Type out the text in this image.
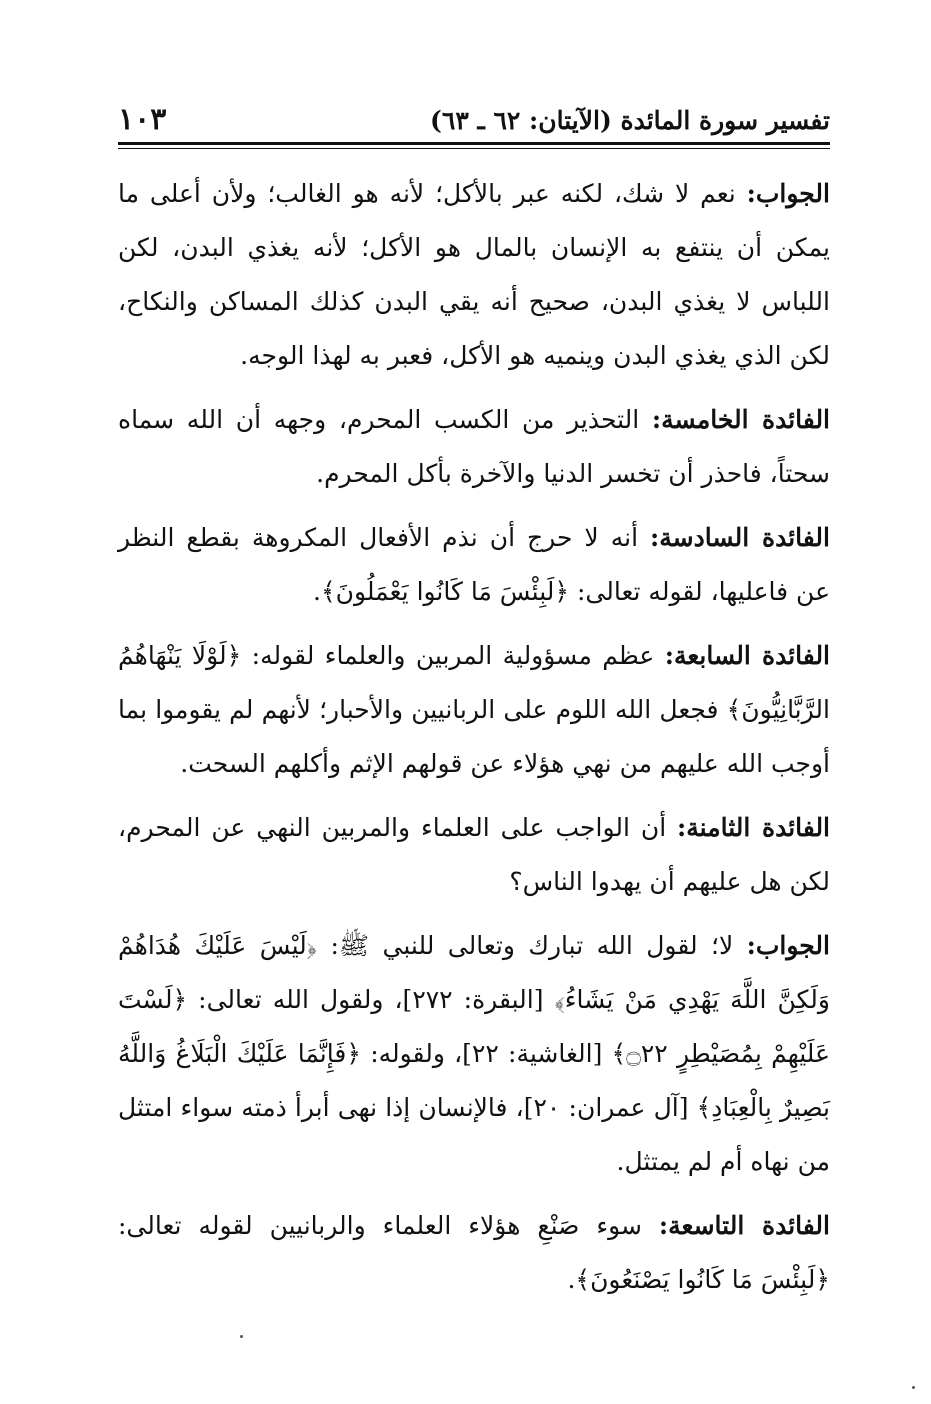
تفسير سورة المائدة (الآيتان: ٦٢ ـ ٦٣)
١٠٣

الجواب: نعم لا شك، لكنه عبر بالأكل؛ لأنه هو الغالب؛ ولأن أعلى ما يمكن أن ينتفع به الإنسان بالمال هو الأكل؛ لأنه يغذي البدن، لكن اللباس لا يغذي البدن، صحيح أنه يقي البدن كذلك المساكن والنكاح، لكن الذي يغذي البدن وينميه هو الأكل، فعبر به لهذا الوجه.

الفائدة الخامسة: التحذير من الكسب المحرم، وجهه أن الله سماه سحتاً، فاحذر أن تخسر الدنيا والآخرة بأكل المحرم.

الفائدة السادسة: أنه لا حرج أن نذم الأفعال المكروهة بقطع النظر عن فاعليها، لقوله تعالى: ﴿لَبِئْسَ مَا كَانُوا يَعْمَلُونَ﴾.

الفائدة السابعة: عظم مسؤولية المربين والعلماء لقوله: ﴿لَوْلَا يَنْهَاهُمُ الرَّبَّانِيُّونَ﴾ فجعل الله اللوم على الربانيين والأحبار؛ لأنهم لم يقوموا بما أوجب الله عليهم من نهي هؤلاء عن قولهم الإثم وأكلهم السحت.

الفائدة الثامنة: أن الواجب على العلماء والمربين النهي عن المحرم، لكن هل عليهم أن يهدوا الناس؟

الجواب: لا؛ لقول الله تبارك وتعالى للنبي ﷺ: ﴿لَيْسَ عَلَيْكَ هُدَاهُمْ وَلَكِنَّ اللَّهَ يَهْدِي مَنْ يَشَاءُ﴾ [البقرة: ٢٧٢]، ولقول الله تعالى: ﴿لَسْتَ عَلَيْهِمْ بِمُصَيْطِرٍ ۝٢٢﴾ [الغاشية: ٢٢]، ولقوله: ﴿فَإِنَّمَا عَلَيْكَ الْبَلَاغُ وَاللَّهُ بَصِيرٌ بِالْعِبَادِ﴾ [آل عمران: ٢٠]، فالإنسان إذا نهى أبرأ ذمته سواء امتثل من نهاه أم لم يمتثل.

الفائدة التاسعة: سوء صَنْعِ هؤلاء العلماء والربانيين لقوله تعالى: ﴿لَبِئْسَ مَا كَانُوا يَصْنَعُونَ﴾.
